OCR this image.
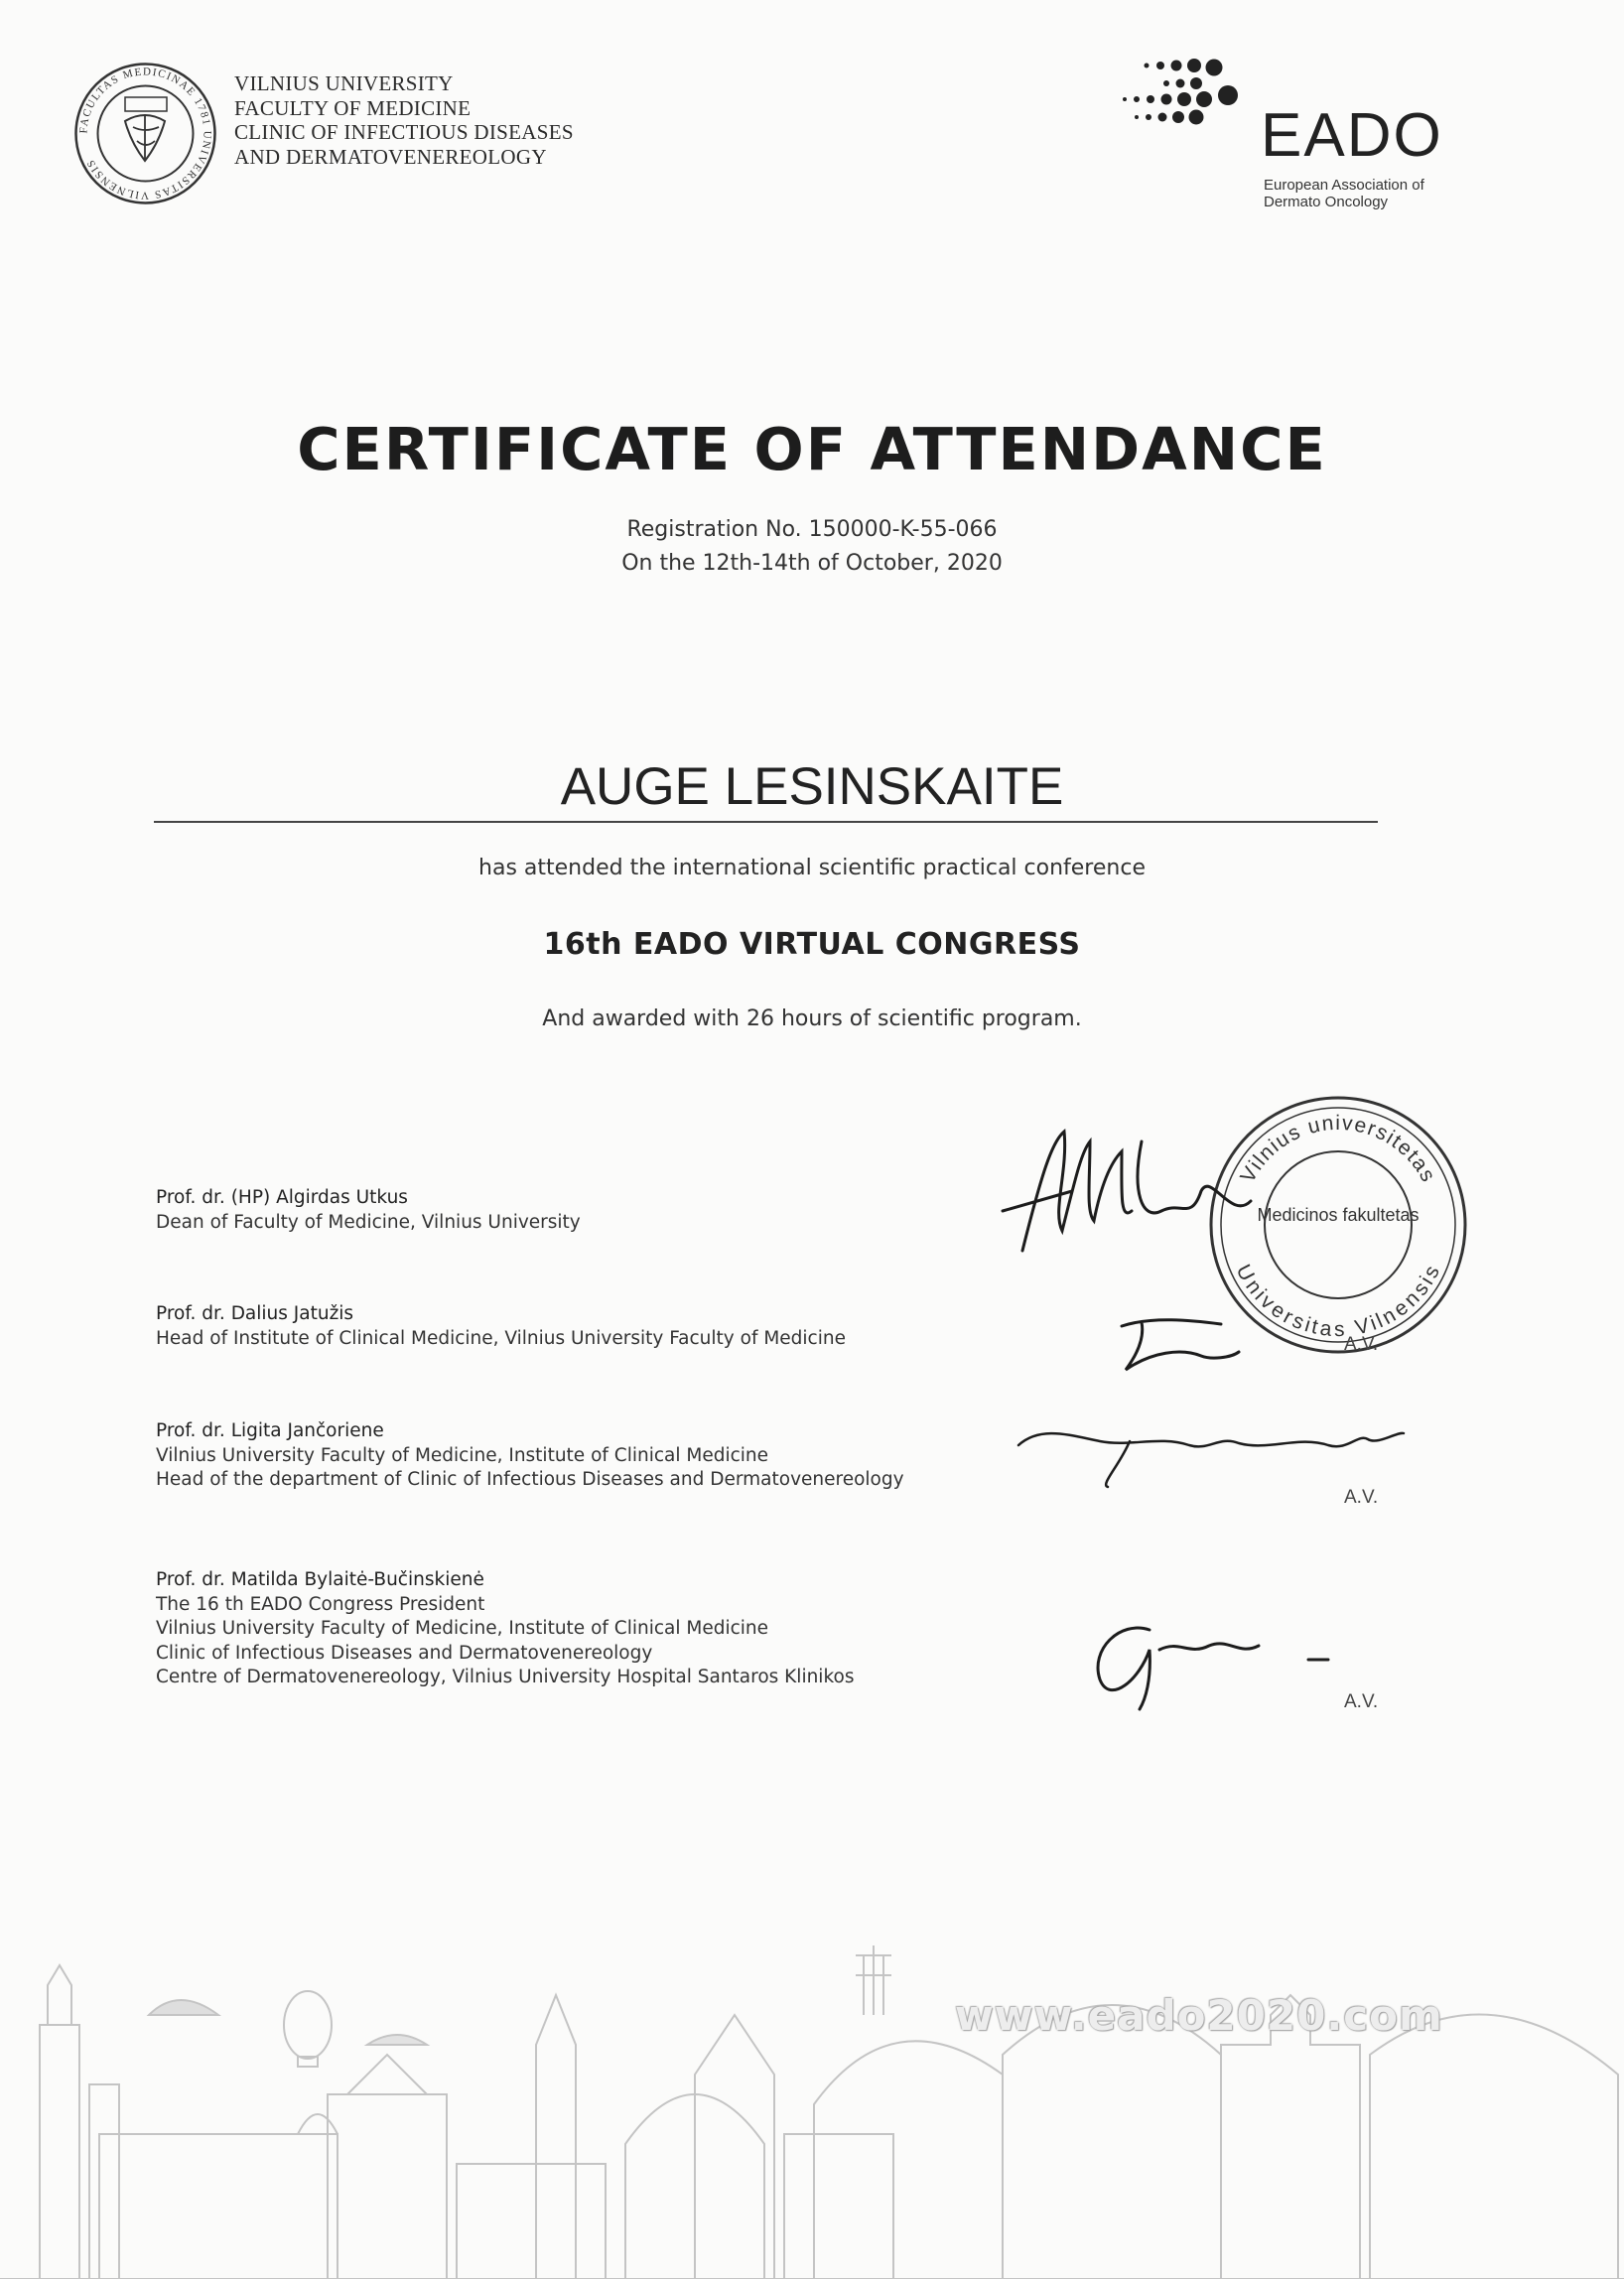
FACULTAS MEDICINAE 1781 UNIVERSITAS VILNENSIS
VILNIUS UNIVERSITY
FACULTY OF MEDICINE
CLINIC OF INFECTIOUS DISEASES
AND DERMATOVENEREOLOGY	EADO
European Association of
Dermato Oncology
CERTIFICATE OF ATTENDANCE
Registration No. 150000-K-55-066
On the 12th-14th of October, 2020
AUGE LESINSKAITE
has attended the international scientific practical conference
16th EADO VIRTUAL CONGRESS
And awarded with 26 hours of scientific program.
Prof. dr. (HP) Algirdas Utkus
Dean of Faculty of Medicine, Vilnius University
Prof. dr. Dalius Jatužis
Head of Institute of Clinical Medicine, Vilnius University Faculty of Medicine
Prof. dr. Ligita Jančoriene
Vilnius University Faculty of Medicine, Institute of Clinical Medicine
Head of the department of Clinic of Infectious Diseases and Dermatovenereology
Prof. dr. Matilda Bylaitė-Bučinskienė
The 16 th EADO Congress President
Vilnius University Faculty of Medicine, Institute of Clinical Medicine
Clinic of Infectious Diseases and Dermatovenereology
Centre of Dermatovenereology, Vilnius University Hospital Santaros Klinikos
Vilnius universitetas
Universitas Vilnensis
Medicinos fakultetas
A.V.
A.V.
A.V.
www.eado2020.com
